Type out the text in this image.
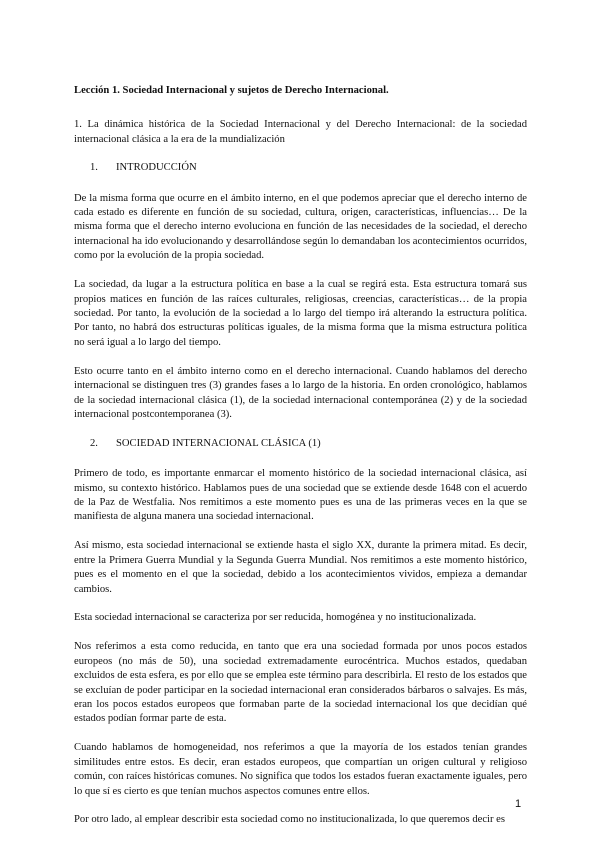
Lección 1. Sociedad Internacional y sujetos de Derecho Internacional.
1. La dinámica histórica de la Sociedad Internacional y del Derecho Internacional: de la sociedad internacional clásica a la era de la mundialización
1. INTRODUCCIÓN

De la misma forma que ocurre en el ámbito interno, en el que podemos apreciar que el derecho interno de cada estado es diferente en función de su sociedad, cultura, origen, características, influencias… De la misma forma que el derecho interno evoluciona en función de las necesidades de la sociedad, el derecho internacional ha ido evolucionando y desarrollándose según lo demandaban los acontecimientos ocurridos, como por la evolución de la propia sociedad.

La sociedad, da lugar a la estructura política en base a la cual se regirá esta. Esta estructura tomará sus propios matices en función de las raíces culturales, religiosas, creencias, características… de la propia sociedad. Por tanto, la evolución de la sociedad a lo largo del tiempo irá alterando la estructura política. Por tanto, no habrá dos estructuras políticas iguales, de la misma forma que la misma estructura política no será igual a lo largo del tiempo.

Esto ocurre tanto en el ámbito interno como en el derecho internacional. Cuando hablamos del derecho internacional se distinguen tres (3) grandes fases a lo largo de la historia. En orden cronológico, hablamos de la sociedad internacional clásica (1), de la sociedad internacional contemporánea (2) y de la sociedad internacional postcontemporanea (3).

2. SOCIEDAD INTERNACIONAL CLÁSICA (1)

Primero de todo, es importante enmarcar el momento histórico de la sociedad internacional clásica, así mismo, su contexto histórico. Hablamos pues de una sociedad que se extiende desde 1648 con el acuerdo de la Paz de Westfalia. Nos remitimos a este momento pues es una de las primeras veces en la que se manifiesta de alguna manera una sociedad internacional.

Así mismo, esta sociedad internacional se extiende hasta el siglo XX, durante la primera mitad. Es decir, entre la Primera Guerra Mundial y la Segunda Guerra Mundial. Nos remitimos a este momento histórico, pues es el momento en el que la sociedad, debido a los acontecimientos vividos, empieza a demandar cambios.

Esta sociedad internacional se caracteriza por ser reducida, homogénea y no institucionalizada.

Nos referimos a esta como reducida, en tanto que era una sociedad formada por unos pocos estados europeos (no más de 50), una sociedad extremadamente eurocéntrica. Muchos estados, quedaban excluidos de esta esfera, es por ello que se emplea este término para describirla. El resto de los estados que se excluían de poder participar en la sociedad internacional eran considerados bárbaros o salvajes. Es más, eran los pocos estados europeos que formaban parte de la sociedad internacional los que decidían qué estados podían formar parte de esta.

Cuando hablamos de homogeneidad, nos referimos a que la mayoría de los estados tenían grandes similitudes entre estos. Es decir, eran estados europeos, que compartían un origen cultural y religioso común, con raíces históricas comunes. No significa que todos los estados fueran exactamente iguales, pero lo que sí es cierto es que tenían muchos aspectos comunes entre ellos.

Por otro lado, al emplear describir esta sociedad como no institucionalizada, lo que queremos decir es

1
